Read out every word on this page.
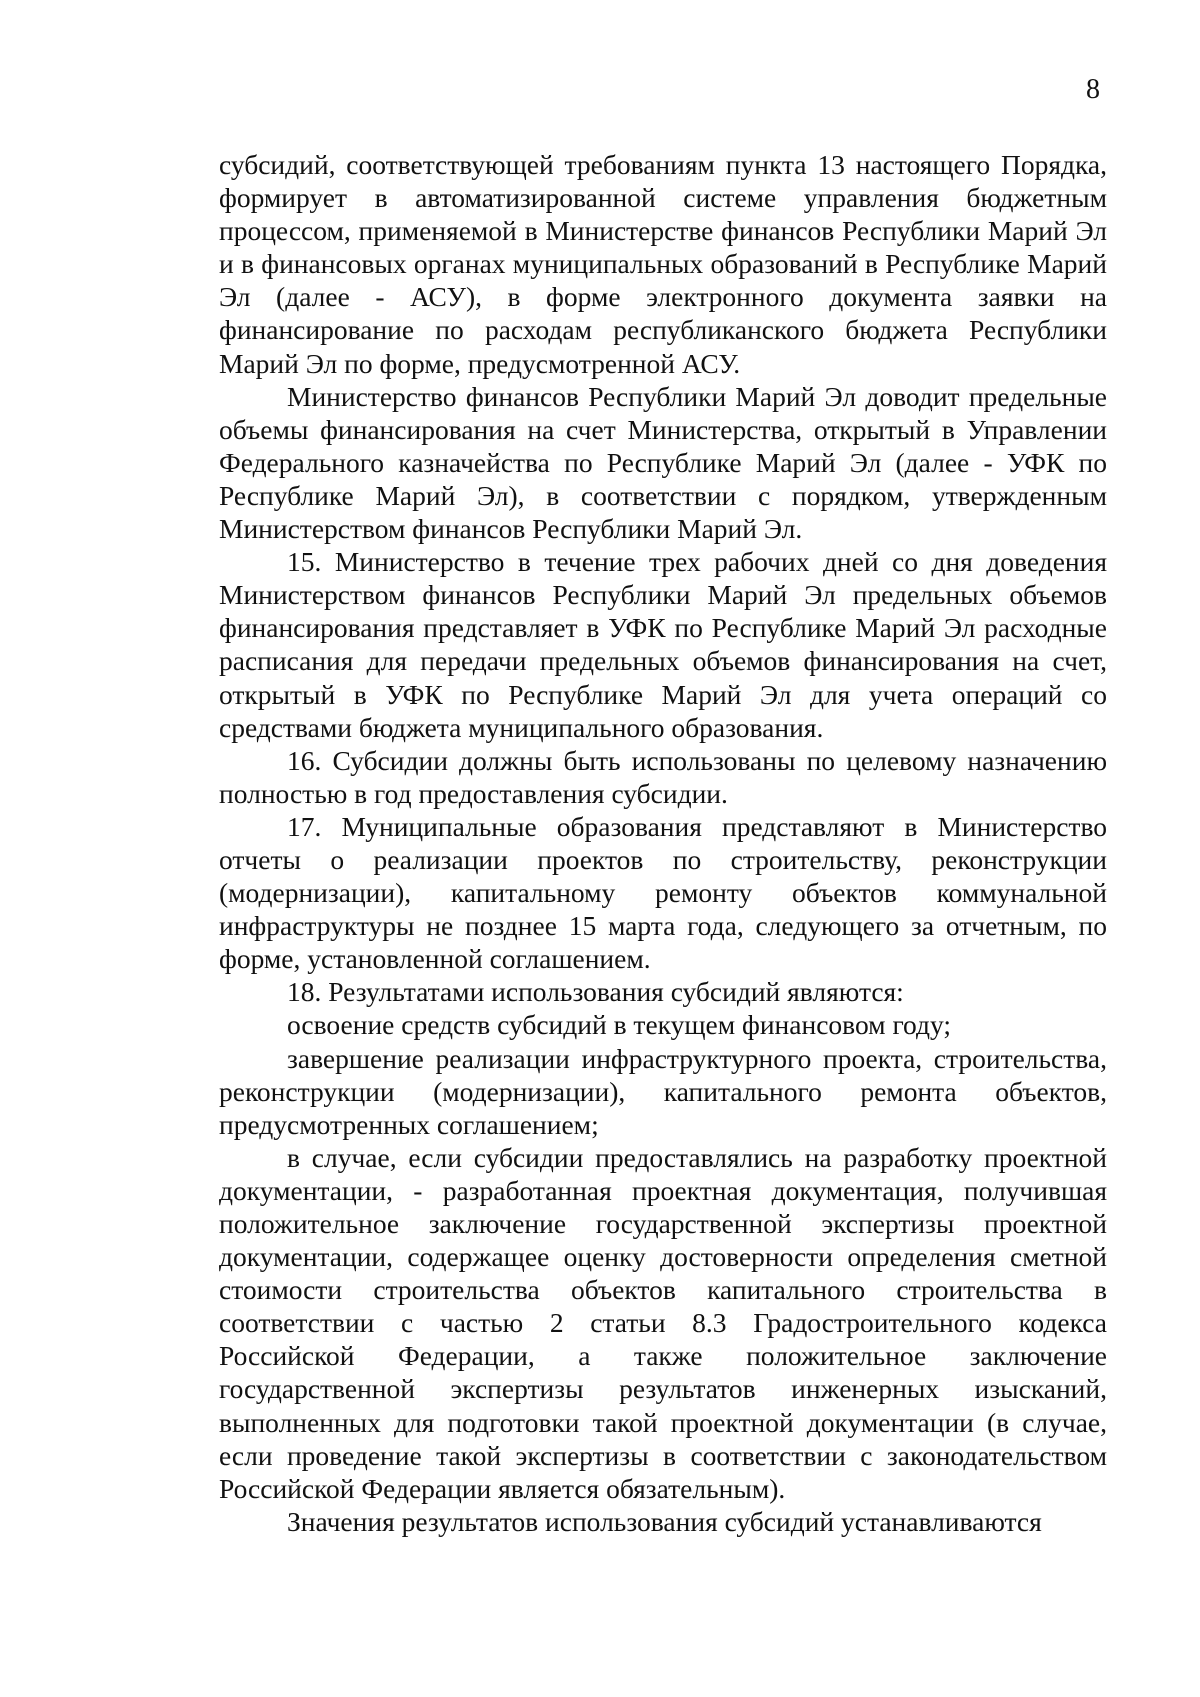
8

субсидий, соответствующей требованиям пункта 13 настоящего Порядка, формирует в автоматизированной системе управления бюджетным процессом, применяемой в Министерстве финансов Республики Марий Эл и в финансовых органах муниципальных образований в Республике Марий Эл (далее - АСУ), в форме электронного документа заявки на финансирование по расходам республиканского бюджета Республики Марий Эл по форме, предусмотренной АСУ.

Министерство финансов Республики Марий Эл доводит предельные объемы финансирования на счет Министерства, открытый в Управлении Федерального казначейства по Республике Марий Эл (далее - УФК по Республике Марий Эл), в соответствии с порядком, утвержденным Министерством финансов Республики Марий Эл.

15. Министерство в течение трех рабочих дней со дня доведения Министерством финансов Республики Марий Эл предельных объемов финансирования представляет в УФК по Республике Марий Эл расходные расписания для передачи предельных объемов финансирования на счет, открытый в УФК по Республике Марий Эл для учета операций со средствами бюджета муниципального образования.

16. Субсидии должны быть использованы по целевому назначению полностью в год предоставления субсидии.

17. Муниципальные образования представляют в Министерство отчеты о реализации проектов по строительству, реконструкции (модернизации), капитальному ремонту объектов коммунальной инфраструктуры не позднее 15 марта года, следующего за отчетным, по форме, установленной соглашением.

18. Результатами использования субсидий являются:

освоение средств субсидий в текущем финансовом году;

завершение реализации инфраструктурного проекта, строительства, реконструкции (модернизации), капитального ремонта объектов, предусмотренных соглашением;

в случае, если субсидии предоставлялись на разработку проектной документации, - разработанная проектная документация, получившая положительное заключение государственной экспертизы проектной документации, содержащее оценку достоверности определения сметной стоимости строительства объектов капитального строительства в соответствии с частью 2 статьи 8.3 Градостроительного кодекса Российской Федерации, а также положительное заключение государственной экспертизы результатов инженерных изысканий, выполненных для подготовки такой проектной документации (в случае, если проведение такой экспертизы в соответствии с законодательством Российской Федерации является обязательным).

Значения результатов использования субсидий устанавливаются
